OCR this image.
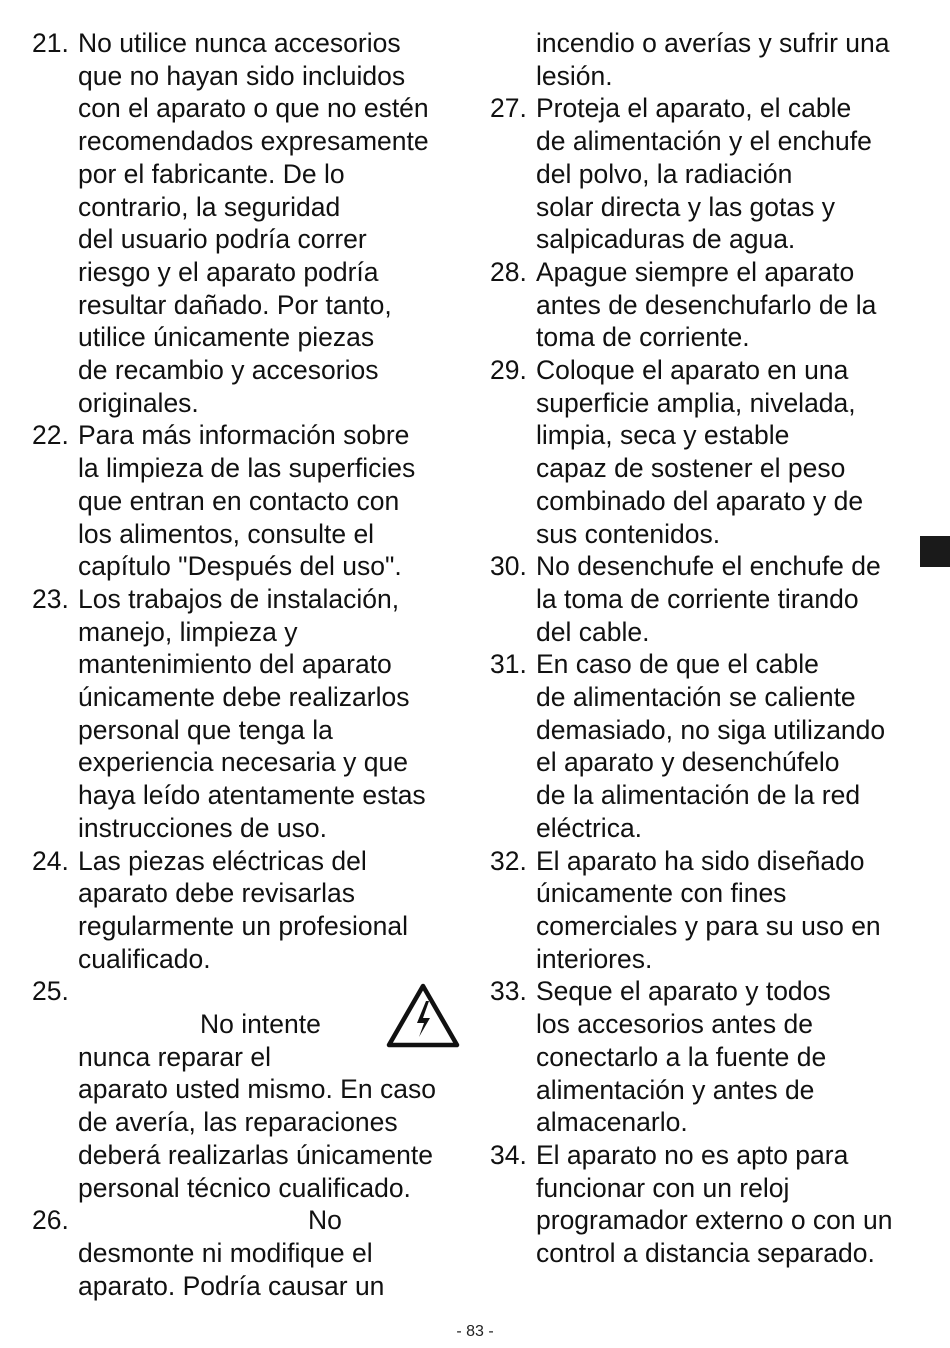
21. No utilice nunca accesorios
que no hayan sido incluidos
con el aparato o que no estén
recomendados expresamente
por el fabricante. De lo
contrario, la seguridad
del usuario podría correr
riesgo y el aparato podría
resultar dañado. Por tanto,
utilice únicamente piezas
de recambio y accesorios
originales.
22. Para más información sobre
la limpieza de las superficies
que entran en contacto con
los alimentos, consulte el
capítulo "Después del uso".
23. Los trabajos de instalación,
manejo, limpieza y
mantenimiento del aparato
únicamente debe realizarlos
personal que tenga la
experiencia necesaria y que
haya leído atentamente estas
instrucciones de uso.
24. Las piezas eléctricas del
aparato debe revisarlas
regularmente un profesional
cualificado.
25.
No intente
nunca reparar el
aparato usted mismo. En caso
de avería, las reparaciones
deberá realizarlas únicamente
personal técnico cualificado.
26.	No
desmonte ni modifique el
aparato. Podría causar un
incendio o averías y sufrir una
lesión.
27. Proteja el aparato, el cable
de alimentación y el enchufe
del polvo, la radiación
solar directa y las gotas y
salpicaduras de agua.
28. Apague siempre el aparato
antes de desenchufarlo de la
toma de corriente.
29. Coloque el aparato en una
superficie amplia, nivelada,
limpia, seca y estable
capaz de sostener el peso
combinado del aparato y de
sus contenidos.
30. No desenchufe el enchufe de
la toma de corriente tirando
del cable.
31. En caso de que el cable
de alimentación se caliente
demasiado, no siga utilizando
el aparato y desenchúfelo
de la alimentación de la red
eléctrica.
32. El aparato ha sido diseñado
únicamente con fines
comerciales y para su uso en
interiores.
33. Seque el aparato y todos
los accesorios antes de
conectarlo a la fuente de
alimentación y antes de
almacenarlo.
34. El aparato no es apto para
funcionar con un reloj
programador externo o con un
control a distancia separado.
- 83 -
